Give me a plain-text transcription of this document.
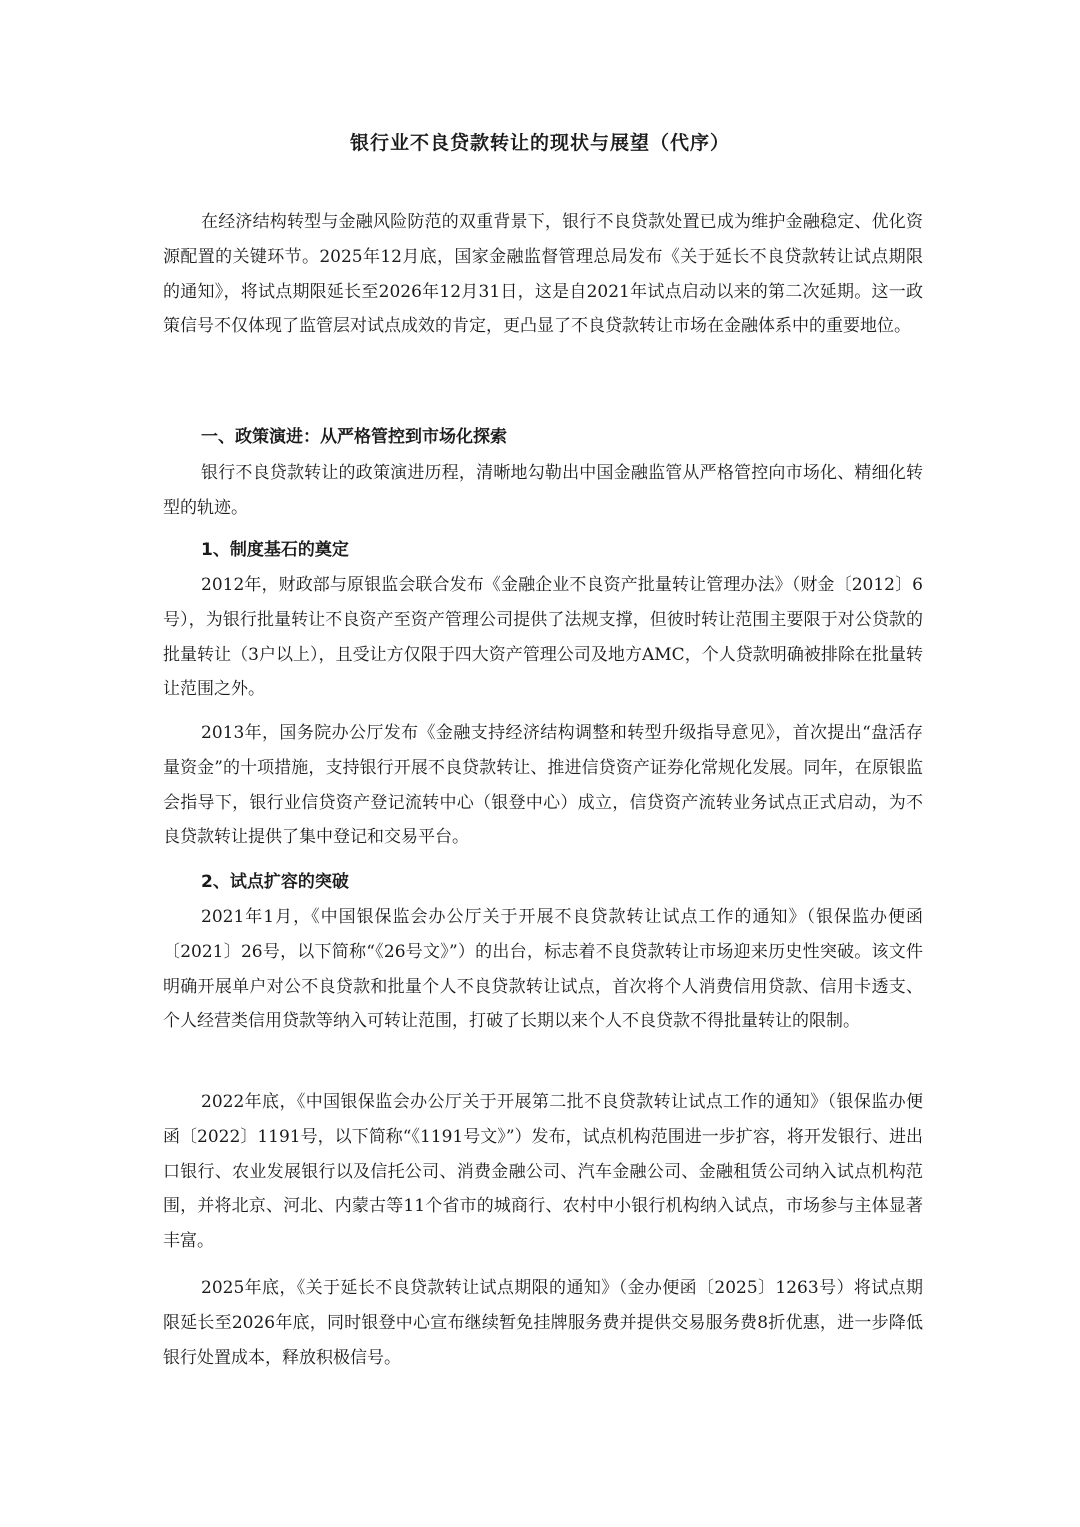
银行业不良贷款转让的现状与展望（代序）

在经济结构转型与金融风险防范的双重背景下，银行不良贷款处置已成为维护金融稳定、优化资源配置的关键环节。2025年12月底，国家金融监督管理总局发布《关于延长不良贷款转让试点期限的通知》，将试点期限延长至2026年12月31日，这是自2021年试点启动以来的第二次延期。这一政策信号不仅体现了监管层对试点成效的肯定，更凸显了不良贷款转让市场在金融体系中的重要地位。

一、政策演进：从严格管控到市场化探索

银行不良贷款转让的政策演进历程，清晰地勾勒出中国金融监管从严格管控向市场化、精细化转型的轨迹。

1、制度基石的奠定

2012年，财政部与原银监会联合发布《金融企业不良资产批量转让管理办法》（财金〔2012〕6号），为银行批量转让不良资产至资产管理公司提供了法规支撑，但彼时转让范围主要限于对公贷款的批量转让（3户以上），且受让方仅限于四大资产管理公司及地方AMC，个人贷款明确被排除在批量转让范围之外。

2013年，国务院办公厅发布《金融支持经济结构调整和转型升级指导意见》，首次提出“盘活存量资金”的十项措施，支持银行开展不良贷款转让、推进信贷资产证券化常规化发展。同年，在原银监会指导下，银行业信贷资产登记流转中心（银登中心）成立，信贷资产流转业务试点正式启动，为不良贷款转让提供了集中登记和交易平台。

2、试点扩容的突破

2021年1月，《中国银保监会办公厅关于开展不良贷款转让试点工作的通知》（银保监办便函〔2021〕26号，以下简称“《26号文》”）的出台，标志着不良贷款转让市场迎来历史性突破。该文件明确开展单户对公不良贷款和批量个人不良贷款转让试点，首次将个人消费信用贷款、信用卡透支、个人经营类信用贷款等纳入可转让范围，打破了长期以来个人不良贷款不得批量转让的限制。

2022年底，《中国银保监会办公厅关于开展第二批不良贷款转让试点工作的通知》（银保监办便函〔2022〕1191号，以下简称“《1191号文》”）发布，试点机构范围进一步扩容，将开发银行、进出口银行、农业发展银行以及信托公司、消费金融公司、汽车金融公司、金融租赁公司纳入试点机构范围，并将北京、河北、内蒙古等11个省市的城商行、农村中小银行机构纳入试点，市场参与主体显著丰富。

2025年底，《关于延长不良贷款转让试点期限的通知》（金办便函〔2025〕1263号）将试点期限延长至2026年底，同时银登中心宣布继续暂免挂牌服务费并提供交易服务费8折优惠，进一步降低银行处置成本，释放积极信号。
